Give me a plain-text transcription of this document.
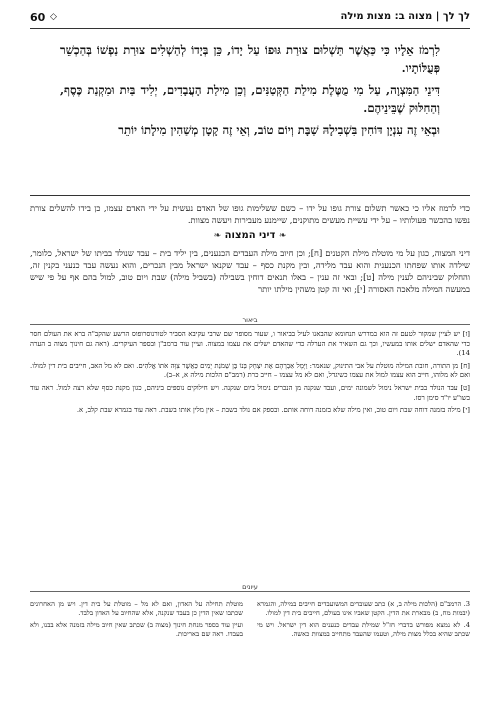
לך לך | מצוה ב: מצות מילה
◇
60

לִרְמֹז אֵלָיו כִּי כַּאֲשֶׁר תַּשְׁלוּם צוּרַת גּוּפוֹ עַל יָדוֹ, כֵּן בְּיָדוֹ לְהַשְׁלִים צוּרַת נַפְשׁוֹ בְּהַכְשֵׁר פְּעֻלּוֹתָיו.

דִּינֵי הַמִּצְוָה, עַל מִי מֻטֶּלֶת מִילַת הַקְּטַנִּים, וְכֵן מִילַת הָעֲבָדִים, יְלִיד בַּיִת וּמִקְנַת כֶּסֶף, וְהַחִלּוּק שֶׁבֵּינֵיהֶם.

וּבְאֵי זֶה עִנְיָן דּוֹחִין בִּשְׁבִילָהּ שַׁבָּת וְיוֹם טוֹב, וְאֵי זֶה קָטָן מְשַׁהִין מִילָתוֹ יוֹתֵר

כדי לרמוז אליו כי כאשר תשלום צורת גופו על ידו – כשם ששלימות גופו של האדם נעשית על ידי האדם עצמו, כן בידו להשלים צורת נפשו בהכשר פעולותיו – על ידי עשיית מעשים מתוקנים, שיימנע מעבירות ויעשה מצוות.

❧ דיני המצוה ❧

דיני המצוה, כגון על מי מוטלת מילת הקטנים [ח]; וכן חיוב מילת העבדים הכנענים, בין יליד בית – עבד שנולד בביתו של ישראל, כלומר, שילדה אותו שפחתו הכנענית והוא עבד מלידה, ובין מקנת כסף – עבד שקנאו ישראל מבין הנכרים, והוא נעשה עבד כנעני בקנין זה, והחלוק שביניהם לענין מילה [ט]; ובאי זה ענין – באלו תנאים דוחין בשבילה (בשביל מילה) שבת ויום טוב, למול בהם אף על פי שיש במעשה המילה מלאכה האסורה [י]; ואי זה קטן משהין מילתו יותר

ביאור

[ז] יש לציין שמקור לטעם זה הוא במדרש תנחומא שהבאנו לעיל בביאור ו, שעור מסופר שם שרבי עקיבא הסביר לטורנוסרופוס הרשע שהקב"ה ברא את העולם חסר כדי שהאדם ישלים אותו במעשיו, וכך גם השאיר את הערלה כדי שהאדם ישלים את עצמו במצוה. ועיין עוד ברמב"ן ובספר העיקרים. (ראה גם חינוך מצוה ב הערה 14).

[ח] מן התורה, חובת המילה מוטלת על אבי התינוק, שנאמר: וַיָּמָל אַבְרָהָם אֶת יִצְחָק בְּנוֹ בֶּן שְׁמֹנַת יָמִים כַּאֲשֶׁר צִוָּה אֹתוֹ אֱלֹהִים. ואם לא מל האב, חייבים בית דין למולו. ואם לא מלוהו, חייב הוא עצמו למול את עצמו כשיגדל, ואם לא מל עצמו – חייב כרת (רמב"ם הלכות מילה א, א–ב).

[ט] עבד הנולד בבית ישראל נימול לשמונה ימים, ועבד שנקנה מן הנכרים נימול ביום שנקנה. ויש חילוקים נוספים ביניהם, כגון מקנת כסף שלא רצה למול. ראה עוד בשו"ע יו"ד סימן רסז.

[י] מילה בזמנה דוחה שבת ויום טוב, ואין מילה שלא בזמנה דוחה אותם. ובספק אם נולד בשבת – אין מלין אותו בשבת. ראה עוד בגמרא שבת קלב, א.

עיונים

3. הרמב"ם (הלכות מילה ב, א) כתב שעובדים המשועבדים חייבים במילה, והגמרא (יבמות מח, ב) מבארת את הדין. הקטן שאביו אינו בעולם, חייבים בית דין למולו.

4. לא נמצא מפורש בדברי חז"ל שמילת עבדים כנענים הוא דין ישראל. ויש מי שכתב שהיא בכלל מצות מילה, וטעמו שהעבד מתחייב במצוות כאשה.

מוטלת תחילה על האדון, ואם לא מל – מוטלת על בית דין. ויש מן האחרונים שכתבו שאין הדין כן בעבד שנקנה, אלא שהחיוב על האדון בלבד.

ועיין עוד בספר מנחת חינוך (מצוה ב) שכתב שאין חיוב מילה בזמנה אלא בבנו, ולא בעבדו. ראה שם באריכות.
